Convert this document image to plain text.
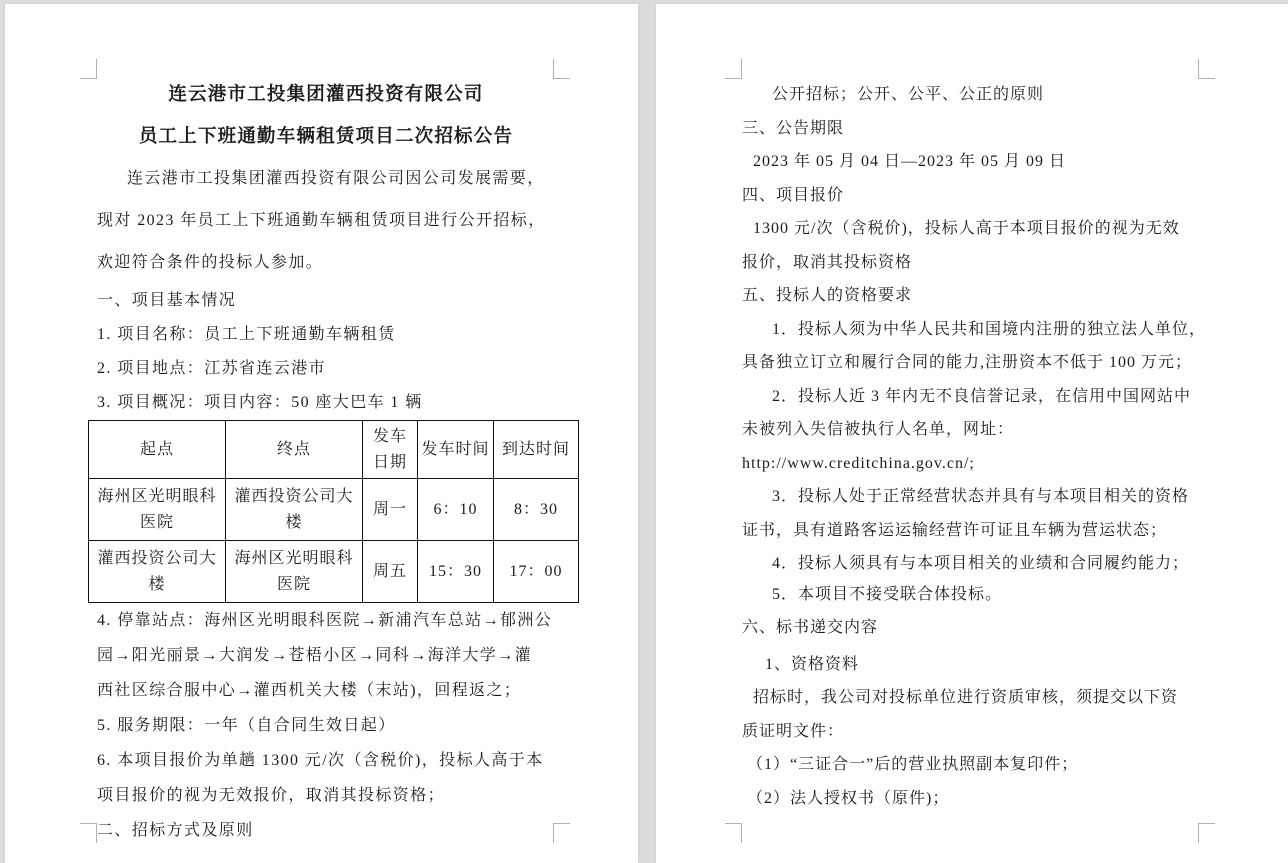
连云港市工投集团灌西投资有限公司
员工上下班通勤车辆租赁项目二次招标公告
连云港市工投集团灌西投资有限公司因公司发展需要，
现对 2023 年员工上下班通勤车辆租赁项目进行公开招标，
欢迎符合条件的投标人参加。
一、项目基本情况
1. 项目名称：员工上下班通勤车辆租赁
2. 项目地点：江苏省连云港市
3. 项目概况：项目内容：50 座大巴车 1 辆
起点	终点	发车日期	发车时间	到达时间
海州区光明眼科医院	灌西投资公司大楼	周一	6：10	8：30
灌西投资公司大楼	海州区光明眼科医院	周五	15：30	17：00
4. 停靠站点：海州区光明眼科医院→新浦汽车总站→郁洲公
园→阳光丽景→大润发→苍梧小区→同科→海洋大学→灌
西社区综合服中心→灌西机关大楼（末站)，回程返之；
5. 服务期限：一年（自合同生效日起）
6. 本项目报价为单趟 1300 元/次（含税价)，投标人高于本
项目报价的视为无效报价，取消其投标资格；
二、招标方式及原则
公开招标；公开、公平、公正的原则
三、公告期限
2023 年 05 月 04 日—2023 年 05 月 09 日
四、项目报价
1300 元/次（含税价)，投标人高于本项目报价的视为无效
报价，取消其投标资格
五、投标人的资格要求
1．投标人须为中华人民共和国境内注册的独立法人单位，
具备独立订立和履行合同的能力,注册资本不低于 100 万元；
2．投标人近 3 年内无不良信誉记录，在信用中国网站中
未被列入失信被执行人名单，网址：
http://www.creditchina.gov.cn/;
3．投标人处于正常经营状态并具有与本项目相关的资格
证书，具有道路客运运输经营许可证且车辆为营运状态；
4．投标人须具有与本项目相关的业绩和合同履约能力；
5．本项目不接受联合体投标。
六、标书递交内容
1、资格资料
招标时，我公司对投标单位进行资质审核，须提交以下资
质证明文件：
（1）“三证合一”后的营业执照副本复印件；
（2）法人授权书（原件)；
